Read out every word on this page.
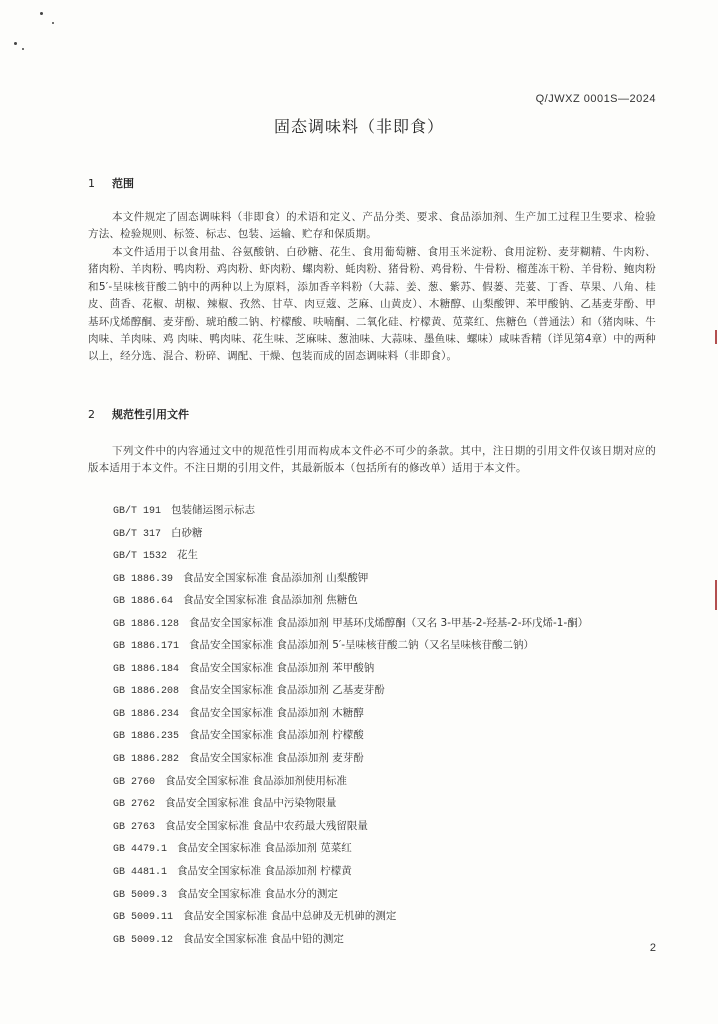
Q/JWXZ 0001S—2024
固态调味料（非即食）
1 范围
本文件规定了固态调味料（非即食）的术语和定义、产品分类、要求、食品添加剂、生产加工过程卫生要求、检验方法、检验规则、标签、标志、包装、运输、贮存和保质期。
本文件适用于以食用盐、谷氨酸钠、白砂糖、花生、食用葡萄糖、食用玉米淀粉、食用淀粉、麦芽糊精、牛肉粉、猪肉粉、羊肉粉、鸭肉粉、鸡肉粉、虾肉粉、螺肉粉、蚝肉粉、猪骨粉、鸡骨粉、牛骨粉、榴莲冻干粉、羊骨粉、鲍肉粉和5′-呈味核苷酸二钠中的两种以上为原料，添加香辛料粉（大蒜、姜、葱、紫苏、假蒌、芫荽、丁香、草果、八角、桂皮、茴香、花椒、胡椒、辣椒、孜然、甘草、肉豆蔻、芝麻、山黄皮）、木糖醇、山梨酸钾、苯甲酸钠、乙基麦芽酚、甲基环戊烯醇酮、麦芽酚、琥珀酸二钠、柠檬酸、呋喃酮、二氧化硅、柠檬黄、苋菜红、焦糖色（普通法）和（猪肉味、牛肉味、羊肉味、鸡 肉味、鸭肉味、花生味、芝麻味、葱油味、大蒜味、墨鱼味、螺味）咸味香精（详见第4章）中的两种以上，经分选、混合、粉碎、调配、干燥、包装而成的固态调味料（非即食）。
2 规范性引用文件
下列文件中的内容通过文中的规范性引用而构成本文件必不可少的条款。其中，注日期的引用文件仅该日期对应的版本适用于本文件。不注日期的引用文件，其最新版本（包括所有的修改单）适用于本文件。
GB/T 191 包装储运图示标志
GB/T 317 白砂糖
GB/T 1532 花生
GB 1886.39 食品安全国家标准 食品添加剂 山梨酸钾
GB 1886.64 食品安全国家标准 食品添加剂 焦糖色
GB 1886.128 食品安全国家标准 食品添加剂 甲基环戊烯醇酮（又名 3-甲基-2-羟基-2-环戊烯-1-酮）
GB 1886.171 食品安全国家标准 食品添加剂 5′-呈味核苷酸二钠（又名呈味核苷酸二钠）
GB 1886.184 食品安全国家标准 食品添加剂 苯甲酸钠
GB 1886.208 食品安全国家标准 食品添加剂 乙基麦芽酚
GB 1886.234 食品安全国家标准 食品添加剂 木糖醇
GB 1886.235 食品安全国家标准 食品添加剂 柠檬酸
GB 1886.282 食品安全国家标准 食品添加剂 麦芽酚
GB 2760 食品安全国家标准 食品添加剂使用标准
GB 2762 食品安全国家标准 食品中污染物限量
GB 2763 食品安全国家标准 食品中农药最大残留限量
GB 4479.1 食品安全国家标准 食品添加剂 苋菜红
GB 4481.1 食品安全国家标准 食品添加剂 柠檬黄
GB 5009.3 食品安全国家标准 食品水分的测定
GB 5009.11 食品安全国家标准 食品中总砷及无机砷的测定
GB 5009.12 食品安全国家标准 食品中铅的测定
2
